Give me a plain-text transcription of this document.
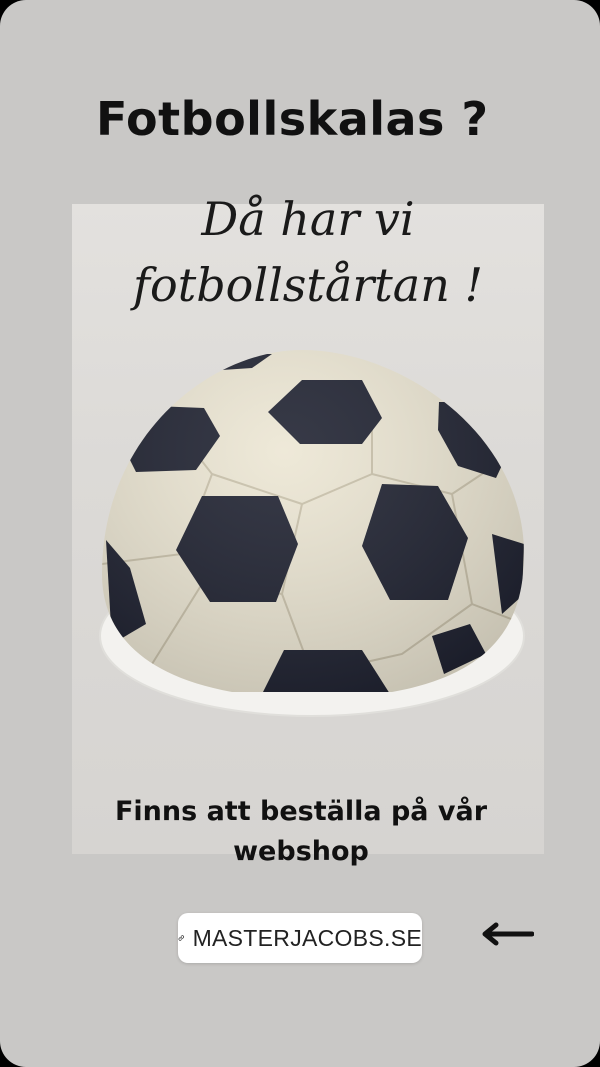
Fotbollskalas ?
Då har vi
fotbollstårtan !
Finns att beställa på vår
webshop
MASTERJACOBS.SE
